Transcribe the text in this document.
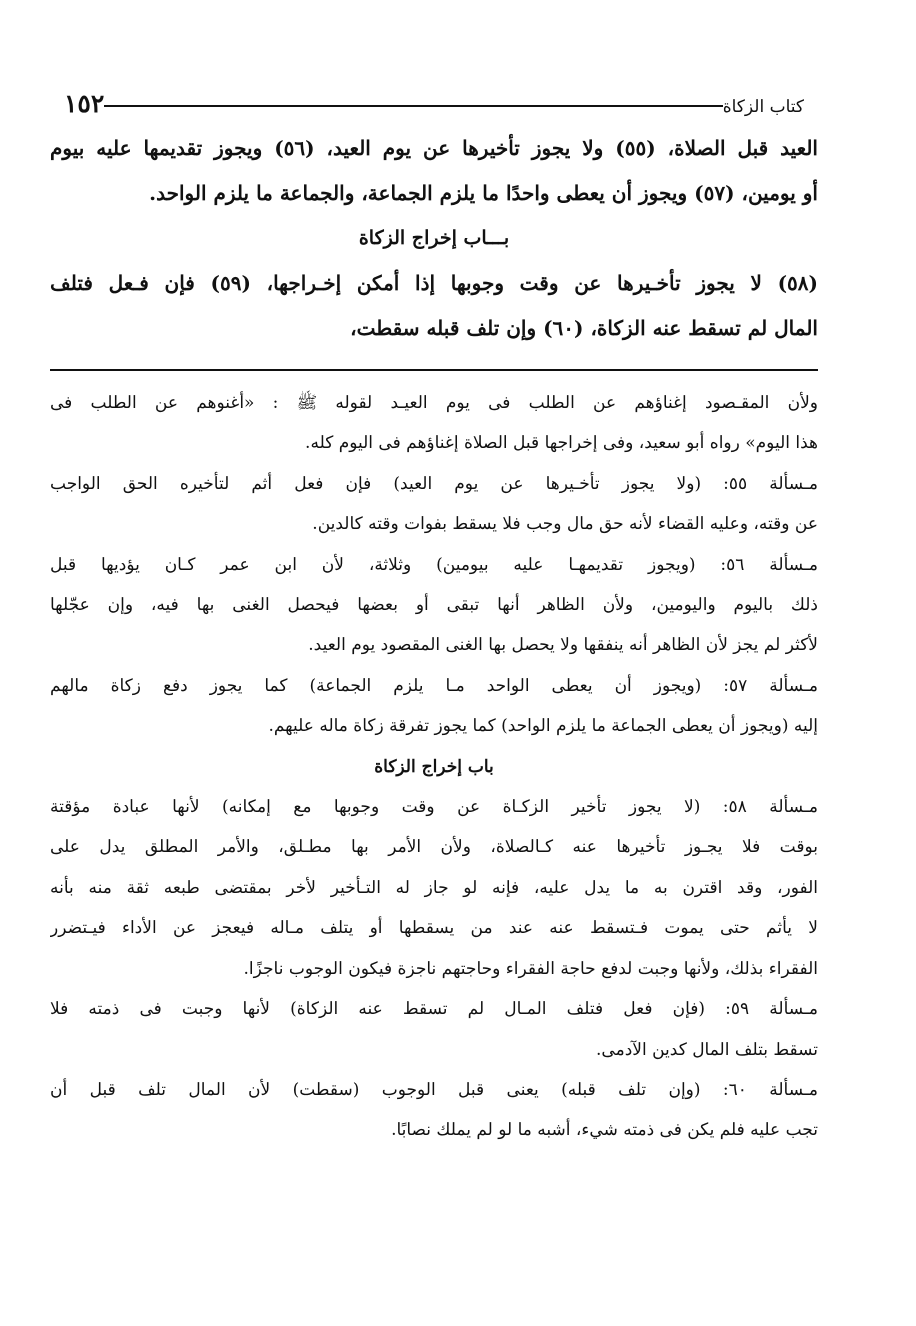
كتاب الزكاة
١٥٢
العيد قبل الصلاة، (٥٥) ولا يجوز تأخيرها عن يوم العيد، (٥٦) ويجوز تقديمها عليه بيوم
أو يومين، (٥٧) ويجوز أن يعطى واحدًا ما يلزم الجماعة، والجماعة ما يلزم الواحد.
بـــاب إخراج الزكاة
(٥٨) لا يجوز تأخـيرها عن وقت وجوبها إذا أمكن إخـراجها، (٥٩) فإن فـعل فتلف
المال لم تسقط عنه الزكاة، (٦٠) وإن تلف قبله سقطت،
ولأن المقـصود إغناؤهم عن الطلب فى يوم العيـد لقوله ﷺ : «أغنوهم عن الطلب فى
هذا اليوم» رواه أبو سعيد، وفى إخراجها قبل الصلاة إغناؤهم فى اليوم كله.
مـسألة ٥٥: (ولا يجوز تأخـيرها عن يوم العيد) فإن فعل أثم لتأخيره الحق الواجب
عن وقته، وعليه القضاء لأنه حق مال وجب فلا يسقط بفوات وقته كالدين.
مـسألة ٥٦: (ويجوز تقديمهـا عليه بيومين) وثلاثة، لأن ابن عمر كـان يؤديها قبل
ذلك باليوم واليومين، ولأن الظاهر أنها تبقى أو بعضها فيحصل الغنى بها فيه، وإن عجّلها
لأكثر لم يجز لأن الظاهر أنه ينفقها ولا يحصل بها الغنى المقصود يوم العيد.
مـسألة ٥٧: (ويجوز أن يعطى الواحد مـا يلزم الجماعة) كما يجوز دفع زكاة مالهم
إليه (ويجوز أن يعطى الجماعة ما يلزم الواحد) كما يجوز تفرقة زكاة ماله عليهم.
باب إخراج الزكاة
مـسألة ٥٨: (لا يجوز تأخير الزكـاة عن وقت وجوبها مع إمكانه) لأنها عبادة مؤقتة
بوقت فلا يجـوز تأخيرها عنه كـالصلاة، ولأن الأمر بها مطـلق، والأمر المطلق يدل على
الفور، وقد اقترن به ما يدل عليه، فإنه لو جاز له التـأخير لأخر بمقتضى طبعه ثقة منه بأنه
لا يأثم حتى يموت فـتسقط عنه عند من يسقطها أو يتلف مـاله فيعجز عن الأداء فيـتضرر
الفقراء بذلك، ولأنها وجبت لدفع حاجة الفقراء وحاجتهم ناجزة فيكون الوجوب ناجزًا.
مـسألة ٥٩: (فإن فعل فتلف المـال لم تسقط عنه الزكاة) لأنها وجبت فى ذمته فلا
تسقط بتلف المال كدين الآدمى.
مـسألة ٦٠: (وإن تلف قبله) يعنى قبل الوجوب (سقطت) لأن المال تلف قبل أن
تجب عليه فلم يكن فى ذمته شيء، أشبه ما لو لم يملك نصابًا.
